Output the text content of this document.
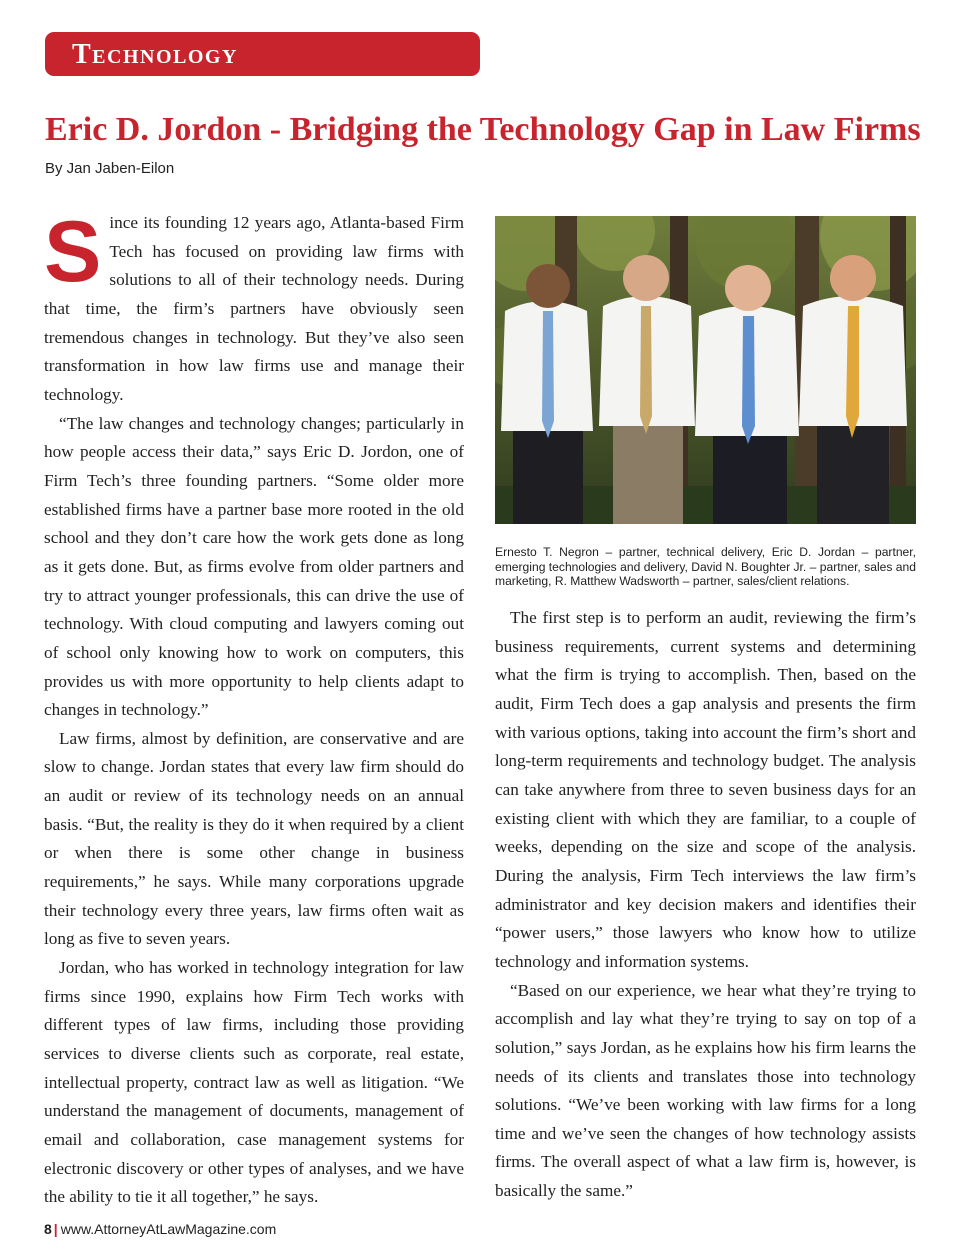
Technology
Eric D. Jordon - Bridging the Technology Gap in Law Firms
By Jan Jaben-Eilon
S ince its founding 12 years ago, Atlanta-based Firm Tech has focused on providing law firms with solutions to all of their technology needs. During that time, the firm’s partners have obviously seen tremendous changes in technology. But they’ve also seen transformation in how law firms use and manage their technology.

“The law changes and technology changes; particularly in how people access their data,” says Eric D. Jordon, one of Firm Tech’s three founding partners. “Some older more established firms have a partner base more rooted in the old school and they don’t care how the work gets done as long as it gets done. But, as firms evolve from older partners and try to attract younger professionals, this can drive the use of technology. With cloud computing and lawyers coming out of school only knowing how to work on computers, this provides us with more opportunity to help clients adapt to changes in technology.”

Law firms, almost by definition, are conservative and are slow to change. Jordan states that every law firm should do an audit or review of its technology needs on an annual basis. “But, the reality is they do it when required by a client or when there is some other change in business requirements,” he says. While many corporations upgrade their technology every three years, law firms often wait as long as five to seven years.

Jordan, who has worked in technology integration for law firms since 1990, explains how Firm Tech works with different types of law firms, including those providing services to diverse clients such as corporate, real estate, intellectual property, contract law as well as litigation. “We understand the management of documents, management of email and collaboration, case management systems for electronic discovery or other types of analyses, and we have the ability to tie it all together,” he says.

Ernesto T. Negron – partner, technical delivery, Eric D. Jordan – partner, emerging technologies and delivery, David N. Boughter Jr. – partner, sales and marketing, R. Matthew Wadsworth – partner, sales/client relations.

The first step is to perform an audit, reviewing the firm’s business requirements, current systems and determining what the firm is trying to accomplish. Then, based on the audit, Firm Tech does a gap analysis and presents the firm with various options, taking into account the firm’s short and long-term requirements and technology budget. The analysis can take anywhere from three to seven business days for an existing client with which they are familiar, to a couple of weeks, depending on the size and scope of the analysis. During the analysis, Firm Tech interviews the law firm’s administrator and key decision makers and identifies their “power users,” those lawyers who know how to utilize technology and information systems.

“Based on our experience, we hear what they’re trying to accomplish and lay what they’re trying to say on top of a solution,” says Jordan, as he explains how his firm learns the needs of its clients and translates those into technology solutions. “We’ve been working with law firms for a long time and we’ve seen the changes of how technology assists firms. The overall aspect of what a law firm is, however, is basically the same.”

8 | www.AttorneyAtLawMagazine.com
